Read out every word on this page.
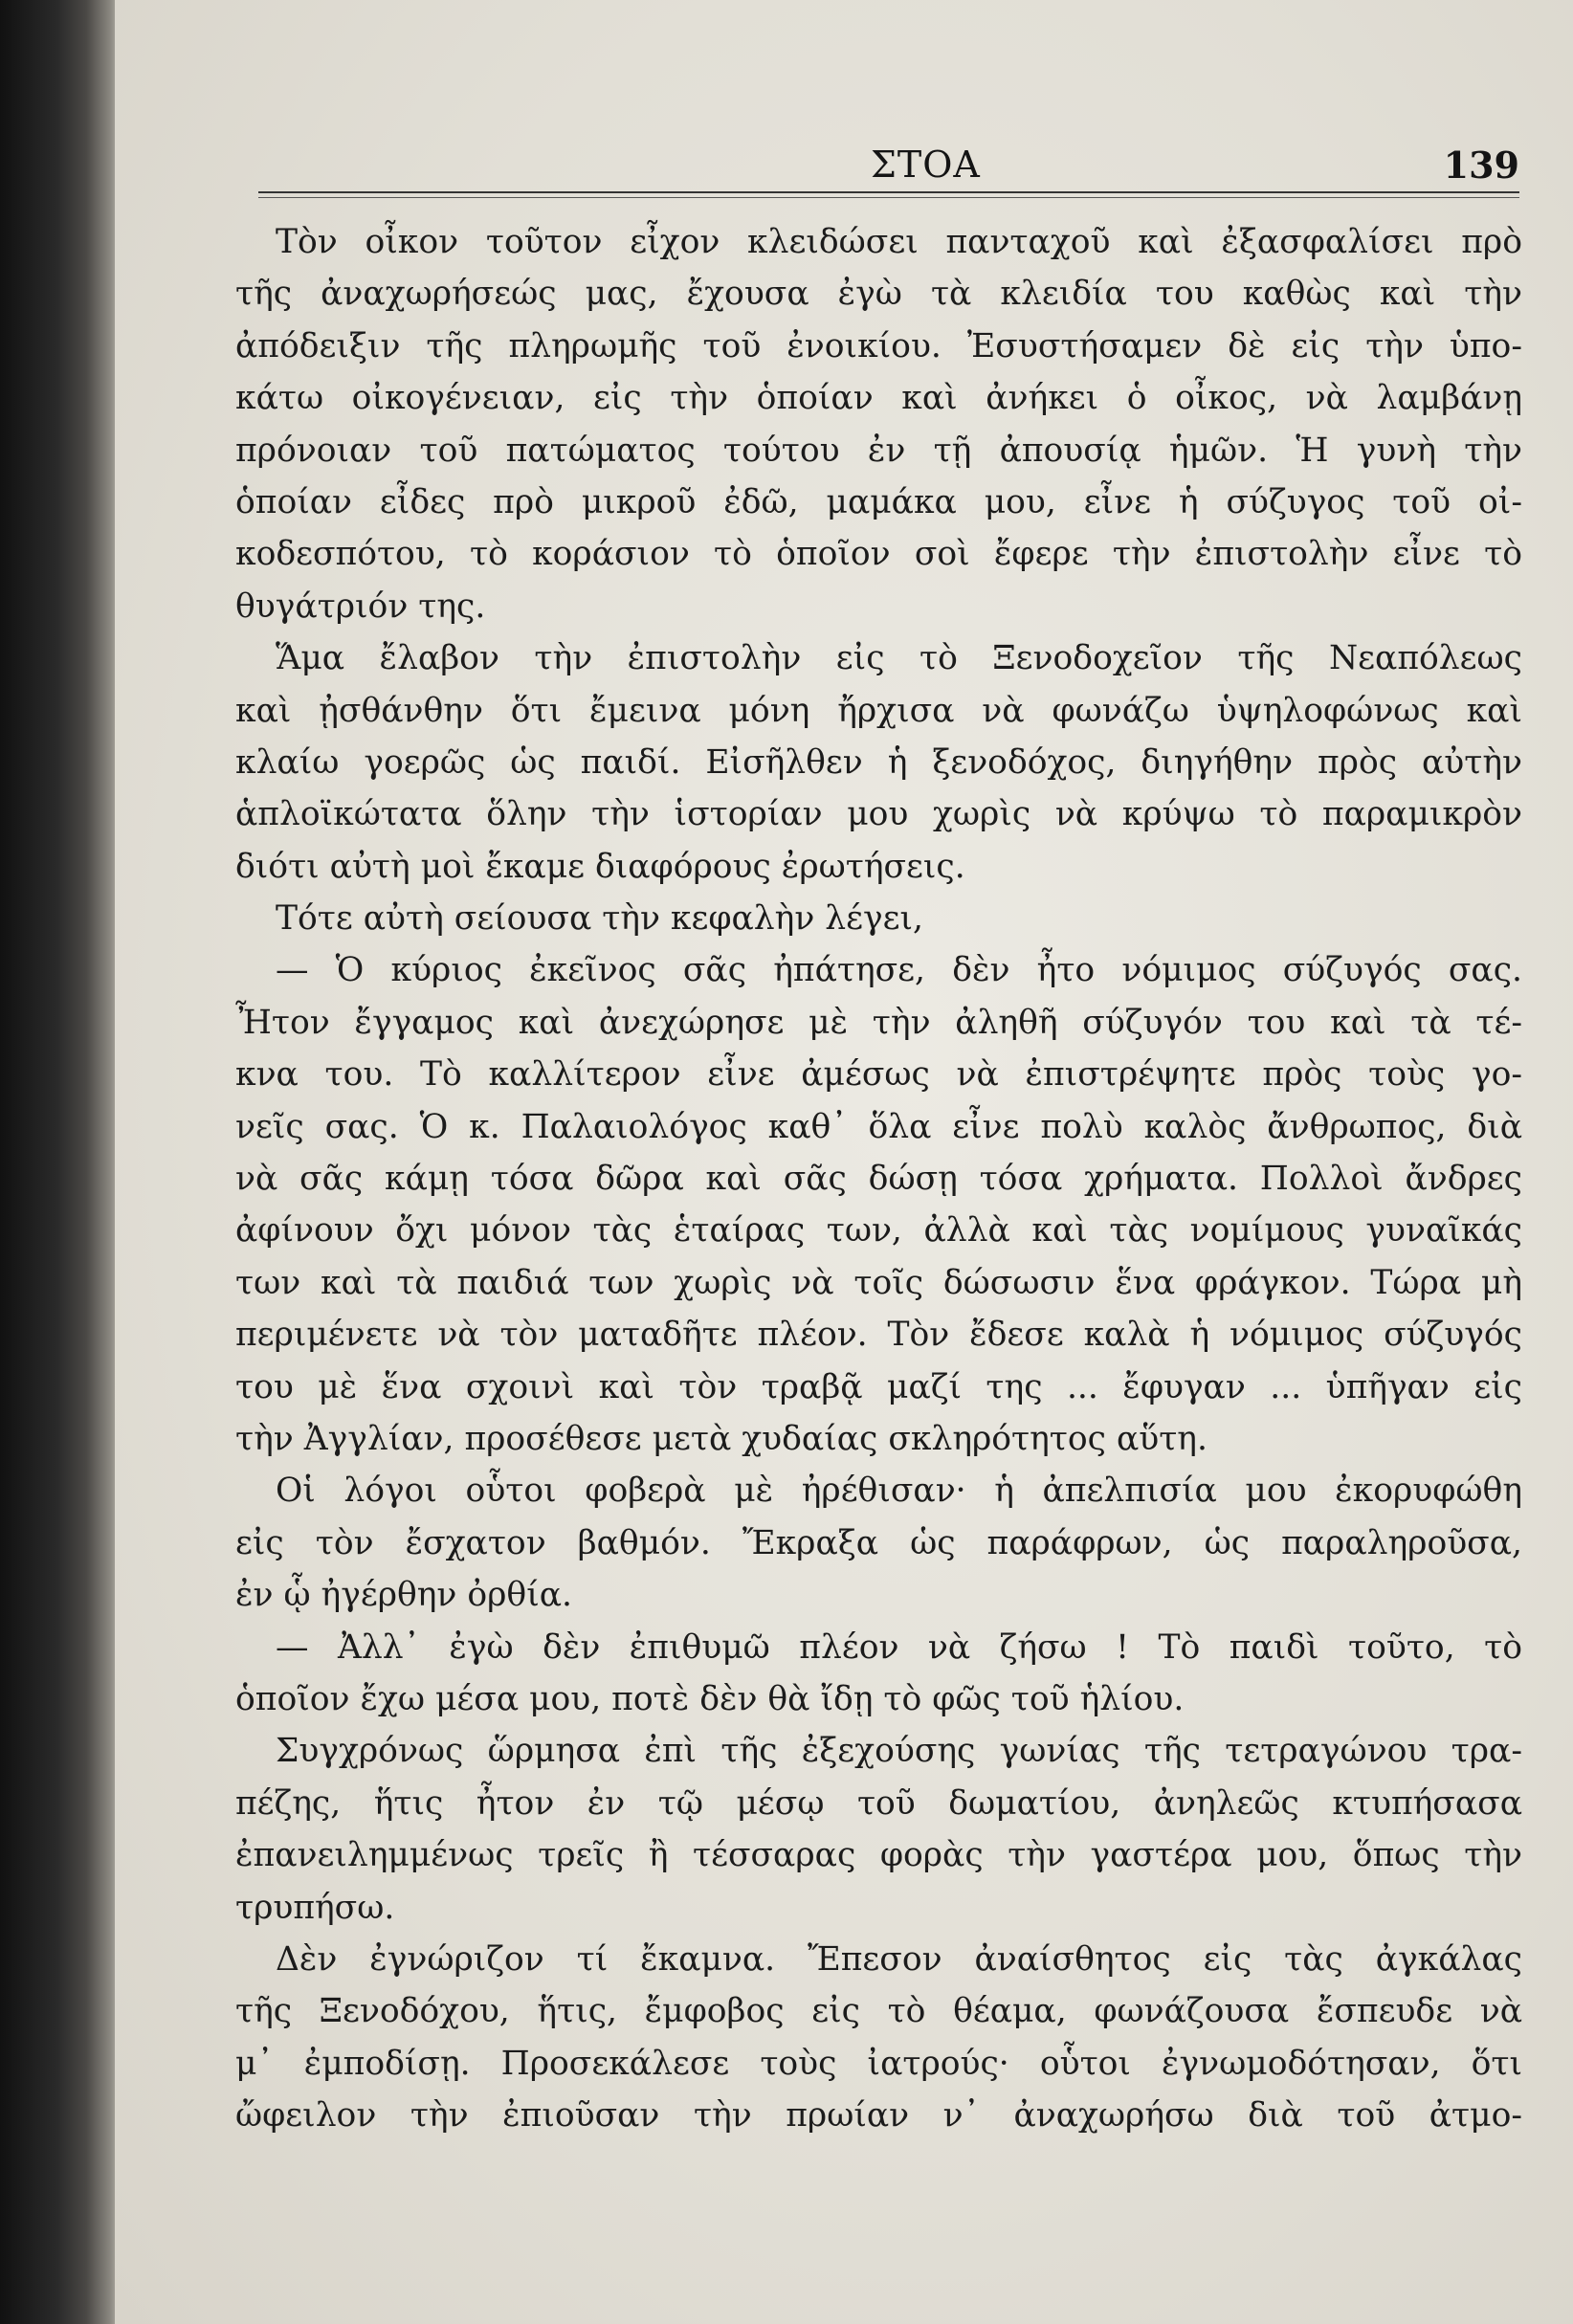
ΣΤΟΑ	139
Τὸν οἶκον τοῦτον εἶχον κλειδώσει πανταχοῦ καὶ ἐξασφαλίσει πρὸ
τῆς ἀναχωρήσεώς μας, ἔχουσα ἐγὼ τὰ κλειδία του καθὼς καὶ τὴν
ἀπόδειξιν τῆς πληρωμῆς τοῦ ἐνοικίου. Ἐσυστήσαμεν δὲ εἰς τὴν ὑπο-
κάτω οἰκογένειαν, εἰς τὴν ὁποίαν καὶ ἀνήκει ὁ οἶκος, νὰ λαμβάνῃ
πρόνοιαν τοῦ πατώματος τούτου ἐν τῇ ἀπουσίᾳ ἡμῶν. Ἡ γυνὴ τὴν
ὁποίαν εἶδες πρὸ μικροῦ ἐδῶ, μαμάκα μου, εἶνε ἡ σύζυγος τοῦ οἰ-
κοδεσπότου, τὸ κοράσιον τὸ ὁποῖον σοὶ ἔφερε τὴν ἐπιστολὴν εἶνε τὸ
θυγάτριόν της.
Ἅμα ἔλαβον τὴν ἐπιστολὴν εἰς τὸ Ξενοδοχεῖον τῆς Νεαπόλεως
καὶ ᾐσθάνθην ὅτι ἔμεινα μόνη ἤρχισα νὰ φωνάζω ὑψηλοφώνως καὶ
κλαίω γοερῶς ὡς παιδί. Εἰσῆλθεν ἡ ξενοδόχος, διηγήθην πρὸς αὐτὴν
ἁπλοϊκώτατα ὅλην τὴν ἱστορίαν μου χωρὶς νὰ κρύψω τὸ παραμικρὸν
διότι αὐτὴ μοὶ ἔκαμε διαφόρους ἐρωτήσεις.
Τότε αὐτὴ σείουσα τὴν κεφαλὴν λέγει,
— Ὁ κύριος ἐκεῖνος σᾶς ἠπάτησε, δὲν ἦτο νόμιμος σύζυγός σας.
Ἦτον ἔγγαμος καὶ ἀνεχώρησε μὲ τὴν ἀληθῆ σύζυγόν του καὶ τὰ τέ-
κνα του. Τὸ καλλίτερον εἶνε ἀμέσως νὰ ἐπιστρέψητε πρὸς τοὺς γο-
νεῖς σας. Ὁ κ. Παλαιολόγος καθ᾽ ὅλα εἶνε πολὺ καλὸς ἄνθρωπος, διὰ
νὰ σᾶς κάμῃ τόσα δῶρα καὶ σᾶς δώσῃ τόσα χρήματα. Πολλοὶ ἄνδρες
ἀφίνουν ὄχι μόνον τὰς ἑταίρας των, ἀλλὰ καὶ τὰς νομίμους γυναῖκάς
των καὶ τὰ παιδιά των χωρὶς νὰ τοῖς δώσωσιν ἕνα φράγκον. Τώρα μὴ
περιμένετε νὰ τὸν ματαδῆτε πλέον. Τὸν ἔδεσε καλὰ ἡ νόμιμος σύζυγός
του μὲ ἕνα σχοινὶ καὶ τὸν τραβᾷ μαζί της ... ἔφυγαν ... ὑπῆγαν εἰς
τὴν Ἀγγλίαν, προσέθεσε μετὰ χυδαίας σκληρότητος αὕτη.
Οἱ λόγοι οὗτοι φοβερὰ μὲ ἠρέθισαν· ἡ ἀπελπισία μου ἐκορυφώθη
εἰς τὸν ἔσχατον βαθμόν. Ἔκραξα ὡς παράφρων, ὡς παραληροῦσα,
ἐν ᾧ ἠγέρθην ὀρθία.
— Ἀλλ᾽ ἐγὼ δὲν ἐπιθυμῶ πλέον νὰ ζήσω ! Τὸ παιδὶ τοῦτο, τὸ
ὁποῖον ἔχω μέσα μου, ποτὲ δὲν θὰ ἴδῃ τὸ φῶς τοῦ ἡλίου.
Συγχρόνως ὥρμησα ἐπὶ τῆς ἐξεχούσης γωνίας τῆς τετραγώνου τρα-
πέζης, ἥτις ἦτον ἐν τῷ μέσῳ τοῦ δωματίου, ἀνηλεῶς κτυπήσασα
ἐπανειλημμένως τρεῖς ἢ τέσσαρας φορὰς τὴν γαστέρα μου, ὅπως τὴν
τρυπήσω.
Δὲν ἐγνώριζον τί ἔκαμνα. Ἔπεσον ἀναίσθητος εἰς τὰς ἀγκάλας
τῆς Ξενοδόχου, ἥτις, ἔμφοβος εἰς τὸ θέαμα, φωνάζουσα ἔσπευδε νὰ
μ᾽ ἐμποδίσῃ. Προσεκάλεσε τοὺς ἰατρούς· οὗτοι ἐγνωμοδότησαν, ὅτι
ὤφειλον τὴν ἐπιοῦσαν τὴν πρωίαν ν᾽ ἀναχωρήσω διὰ τοῦ ἀτμο-
